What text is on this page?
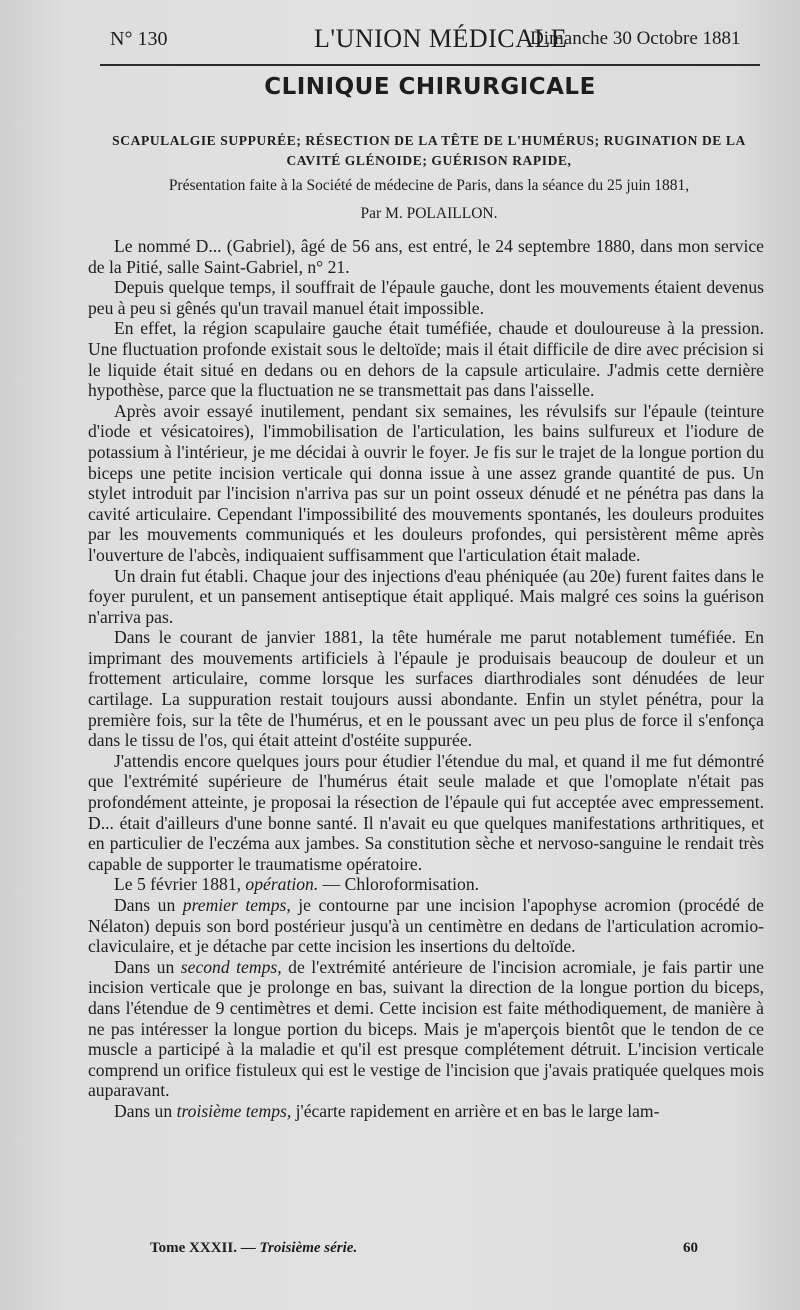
N° 130	L'UNION MÉDICALE
Dimanche 30 Octobre 1881
CLINIQUE CHIRURGICALE
SCAPULALGIE SUPPURÉE; RÉSECTION DE LA TÊTE DE L'HUMÉRUS; RUGINATION DE LA CAVITÉ GLÉNOIDE; GUÉRISON RAPIDE,
Présentation faite à la Société de médecine de Paris, dans la séance du 25 juin 1881,
Par M. POLAILLON.

Le nommé D... (Gabriel), âgé de 56 ans, est entré, le 24 septembre 1880, dans mon service de la Pitié, salle Saint-Gabriel, n° 21.

Depuis quelque temps, il souffrait de l'épaule gauche, dont les mouvements étaient devenus peu à peu si gênés qu'un travail manuel était impossible.

En effet, la région scapulaire gauche était tuméfiée, chaude et douloureuse à la pression. Une fluctuation profonde existait sous le deltoïde; mais il était difficile de dire avec précision si le liquide était situé en dedans ou en dehors de la capsule articulaire. J'admis cette dernière hypothèse, parce que la fluctuation ne se transmettait pas dans l'aisselle.

Après avoir essayé inutilement, pendant six semaines, les révulsifs sur l'épaule (teinture d'iode et vésicatoires), l'immobilisation de l'articulation, les bains sulfureux et l'iodure de potassium à l'intérieur, je me décidai à ouvrir le foyer. Je fis sur le trajet de la longue portion du biceps une petite incision verticale qui donna issue à une assez grande quantité de pus. Un stylet introduit par l'incision n'arriva pas sur un point osseux dénudé et ne pénétra pas dans la cavité articulaire. Cependant l'impossibilité des mouvements spontanés, les douleurs produites par les mouvements communiqués et les douleurs profondes, qui persistèrent même après l'ouverture de l'abcès, indiquaient suffisamment que l'articulation était malade.

Un drain fut établi. Chaque jour des injections d'eau phéniquée (au 20e) furent faites dans le foyer purulent, et un pansement antiseptique était appliqué. Mais malgré ces soins la guérison n'arriva pas.

Dans le courant de janvier 1881, la tête humérale me parut notablement tuméfiée. En imprimant des mouvements artificiels à l'épaule je produisais beaucoup de douleur et un frottement articulaire, comme lorsque les surfaces diarthrodiales sont dénudées de leur cartilage. La suppuration restait toujours aussi abondante. Enfin un stylet pénétra, pour la première fois, sur la tête de l'humérus, et en le poussant avec un peu plus de force il s'enfonça dans le tissu de l'os, qui était atteint d'ostéite suppurée.

J'attendis encore quelques jours pour étudier l'étendue du mal, et quand il me fut démontré que l'extrémité supérieure de l'humérus était seule malade et que l'omoplate n'était pas profondément atteinte, je proposai la résection de l'épaule qui fut acceptée avec empressement. D... était d'ailleurs d'une bonne santé. Il n'avait eu que quelques manifestations arthritiques, et en particulier de l'eczéma aux jambes. Sa constitution sèche et nervoso-sanguine le rendait très capable de supporter le traumatisme opératoire.

Le 5 février 1881, opération. — Chloroformisation.

Dans un premier temps, je contourne par une incision l'apophyse acromion (procédé de Nélaton) depuis son bord postérieur jusqu'à un centimètre en dedans de l'articulation acromio-claviculaire, et je détache par cette incision les insertions du deltoïde.

Dans un second temps, de l'extrémité antérieure de l'incision acromiale, je fais partir une incision verticale que je prolonge en bas, suivant la direction de la longue portion du biceps, dans l'étendue de 9 centimètres et demi. Cette incision est faite méthodiquement, de manière à ne pas intéresser la longue portion du biceps. Mais je m'aperçois bientôt que le tendon de ce muscle a participé à la maladie et qu'il est presque complétement détruit. L'incision verticale comprend un orifice fistuleux qui est le vestige de l'incision que j'avais pratiquée quelques mois auparavant.

Dans un troisième temps, j'écarte rapidement en arrière et en bas le large lam-

Tome XXXII. — Troisième série.	60
